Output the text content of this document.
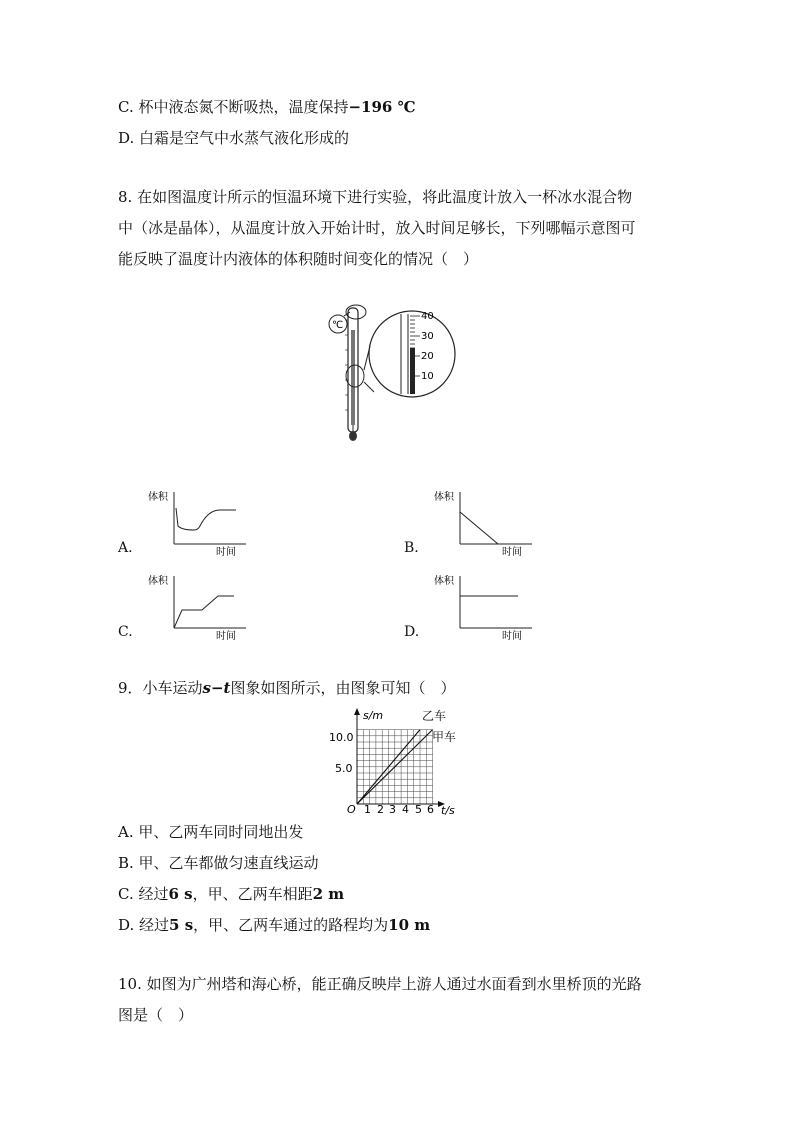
C. 杯中液态氮不断吸热，温度保持−196 ℃
D. 白霜是空气中水蒸气液化形成的
8. 在如图温度计所示的恒温环境下进行实验，将此温度计放入一杯冰水混合物
中（冰是晶体），从温度计放入开始计时，放入时间足够长，下列哪幅示意图可
能反映了温度计内液体的体积随时间变化的情况（　）
℃
40
30
20
10
A.
体积
时间	B.
体积
时间
C.
体积
时间	D.
体积
时间
9．小车运动s−t图象如图所示，由图象可知（　）
s/m
t/s
O
10.0
5.0
1 2 3 4 5 6
乙车
甲车
A. 甲、乙两车同时同地出发
B. 甲、乙车都做匀速直线运动
C. 经过6 s，甲、乙两车相距2 m
D. 经过5 s，甲、乙两车通过的路程均为10 m
10. 如图为广州塔和海心桥，能正确反映岸上游人通过水面看到水里桥顶的光路
图是（　）
